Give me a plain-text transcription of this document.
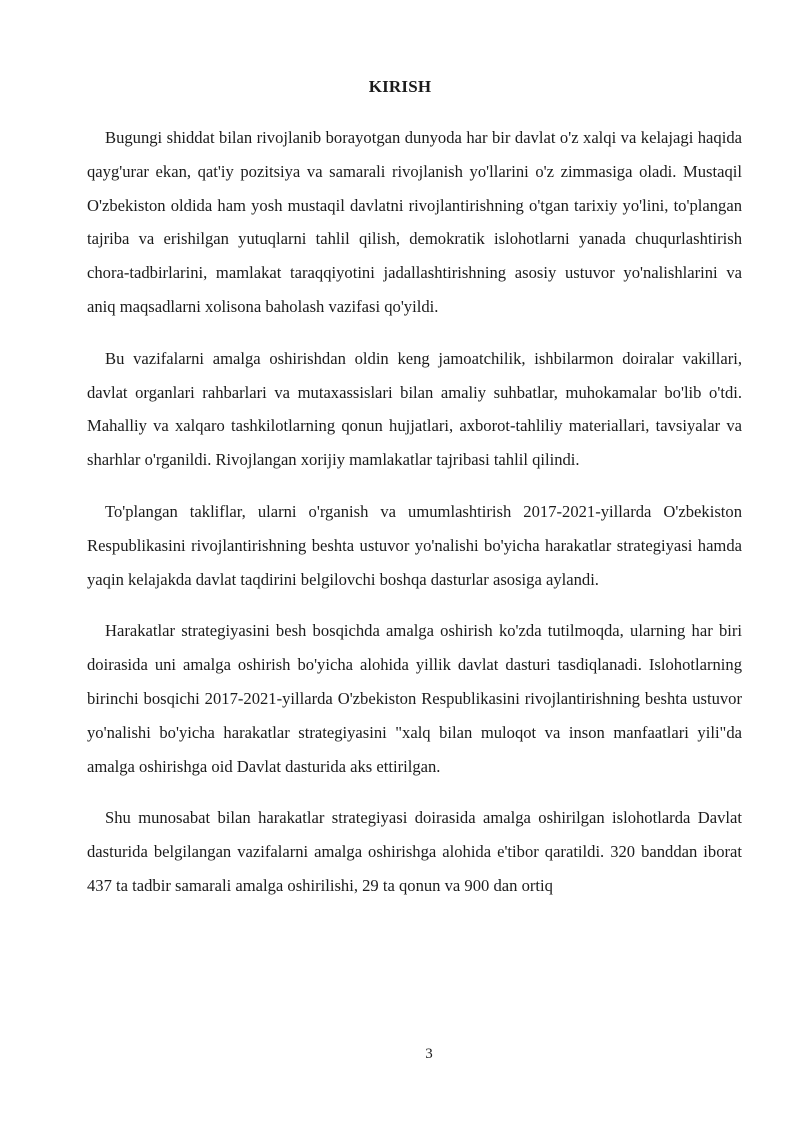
KIRISH

Bugungi shiddat bilan rivojlanib borayotgan dunyoda har bir davlat o'z xalqi va kelajagi haqida qayg'urar ekan, qat'iy pozitsiya va samarali rivojlanish yo'llarini o'z zimmasiga oladi. Mustaqil O'zbekiston oldida ham yosh mustaqil davlatni rivojlantirishning o'tgan tarixiy yo'lini, to'plangan tajriba va erishilgan yutuqlarni tahlil qilish, demokratik islohotlarni yanada chuqurlashtirish chora-tadbirlarini, mamlakat taraqqiyotini jadallashtirishning asosiy ustuvor yo'nalishlarini va aniq maqsadlarni xolisona baholash vazifasi qo'yildi.

Bu vazifalarni amalga oshirishdan oldin keng jamoatchilik, ishbilarmon doiralar vakillari, davlat organlari rahbarlari va mutaxassislari bilan amaliy suhbatlar, muhokamalar bo'lib o'tdi. Mahalliy va xalqaro tashkilotlarning qonun hujjatlari, axborot-tahliliy materiallari, tavsiyalar va sharhlar o'rganildi. Rivojlangan xorijiy mamlakatlar tajribasi tahlil qilindi.

To'plangan takliflar, ularni o'rganish va umumlashtirish 2017-2021-yillarda O'zbekiston Respublikasini rivojlantirishning beshta ustuvor yo'nalishi bo'yicha harakatlar strategiyasi hamda yaqin kelajakda davlat taqdirini belgilovchi boshqa dasturlar asosiga aylandi.

Harakatlar strategiyasini besh bosqichda amalga oshirish ko'zda tutilmoqda, ularning har biri doirasida uni amalga oshirish bo'yicha alohida yillik davlat dasturi tasdiqlanadi. Islohotlarning birinchi bosqichi 2017-2021-yillarda O'zbekiston Respublikasini rivojlantirishning beshta ustuvor yo'nalishi bo'yicha harakatlar strategiyasini "xalq bilan muloqot va inson manfaatlari yili"da amalga oshirishga oid Davlat dasturida aks ettirilgan.

Shu munosabat bilan harakatlar strategiyasi doirasida amalga oshirilgan islohotlarda Davlat dasturida belgilangan vazifalarni amalga oshirishga alohida e'tibor qaratildi. 320 banddan iborat 437 ta tadbir samarali amalga oshirilishi, 29 ta qonun va 900 dan ortiq

3
